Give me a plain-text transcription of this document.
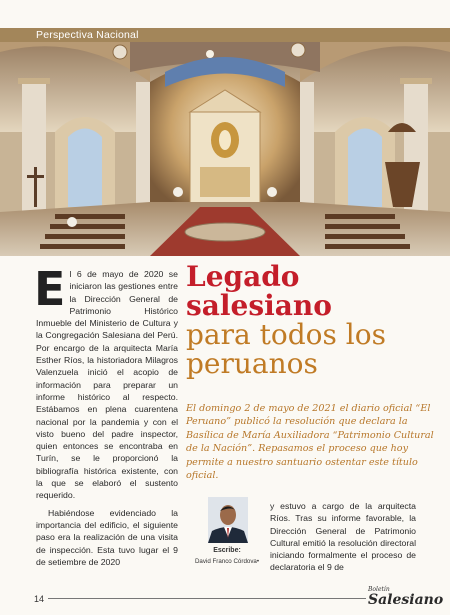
Perspectiva Nacional
Legado salesiano
para todos los peruanos

El domingo 2 de mayo de 2021 el diario oficial “El Peruano” publicó la resolución que declara la Basílica de María Auxiliadora “Patrimonio Cultural de la Nación”. Repasamos el proceso que hoy permite a nuestro santuario ostentar este título oficial.

El 6 de mayo de 2020 se iniciaron las gestiones entre la Dirección General de Patrimonio Histórico Inmueble del Ministerio de Cultura y la Congregación Salesiana del Perú. Por encargo de la arquitecta María Esther Ríos, la historiadora Milagros Valenzuela inició el acopio de información para preparar un informe histórico al respecto. Estábamos en plena cuarentena nacional por la pandemia y con el visto bueno del padre inspector, quien entonces se encontraba en Turín, se le proporcionó la bibliografía histórica existente, con la que se elaboró el sustento requerido.

Habiéndose evidenciado la importancia del edificio, el siguiente paso era la realización de una visita de inspección. Esta tuvo lugar el 9 de setiembre de 2020

Escribe:
David Franco Córdova•

y estuvo a cargo de la arquitecta Ríos. Tras su informe favorable, la Dirección General de Patrimonio Cultural emitió la resolución directoral iniciando formalmente el proceso de declaratoria el 9 de

14
Boletín
Salesiano
